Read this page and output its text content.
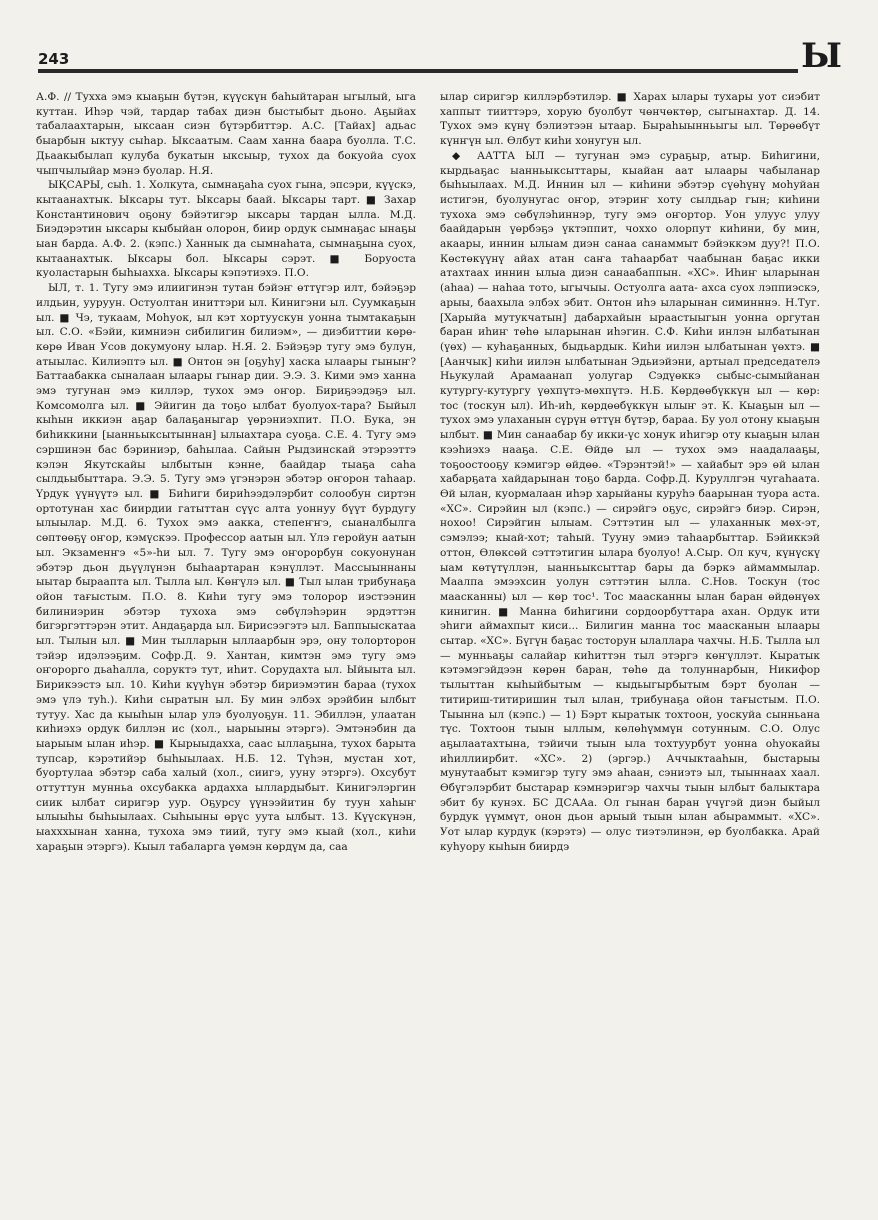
243	Ы

А.Ф. // Тухха эмэ кыаҕын бүтэн, күүскүн баһыйтаран ыгылый, ыга куттан. Иһэр чэй, тардар табах диэн быстыбыт дьоно. Аҕыйах табалаахтарын, ыксаан сиэн бүтэрбиттэр. А.С. [Тайах] адьас быарбын ыктуу сыһар. Ыксаатым. Саам ханна баара буолла. Т.С. Дьаакыбылап кулуба букатын ыксыыр, тухох да бокуойа суох чыпчылыйар мэнэ буолар. Н.Я.

ЫҚСАРЫ, сыһ. 1. Холкута, сымнаҕаһа суох гына, эпсэри, күүскэ, кытаанахтык. Ыксары тут. Ыксары баай. Ыксары тарт. ■ Захар Константинович оҕону бэйэтигэр ыксары тардан ылла. М.Д. Биэдэрэтин ыксары кыбыйан олорон, биир ордук сымнаҕас ынаҕы ыан барда. А.Ф. 2. (кэпс.) Ханнык да сымнаһата, сымнаҕына суох, кытаанахтык. Ыксары бол. Ыксары сэрэт. ■ Боруоста куоластарын быһыахха. Ыксары кэпэтиэхэ. П.О.

ЫЛ, т. 1. Тугу эмэ илиигинэн тутан бэйэҥ өттүгэр илт, бэйэҕэр илдьин, ууруун. Остуолтан иниттэри ыл. Кинигэни ыл. Суумкаҕын ыл. ■ Чэ, тукаам, Моһуок, ыл кэт хортуускун уонна тымтакаҕын ыл. С.О. «Бэйи, кимниэн сибилигин билиэм», — диэбиттии көрө-көрө Иван Усов докумуону ылар. Н.Я. 2. Бэйэҕэр тугу эмэ булун, атыылас. Килиэптэ ыл. ■ Онтон эн [оҕуһу] хаска ылаары гыныҥ? Баттаабакка сыналаан ылаары гынар дии. Э.Э. 3. Кими эмэ ханна эмэ тугунан эмэ киллэр, тухох эмэ оҥор. Бириҕээдэҕэ ыл. Комсомолга ыл. ■ Эйигин да тоҕо ылбат буолуох-тара? Быйыл кыһын иккиэн аҕар балаҕаныгар үөрэниэхпит. П.О. Бука, эн биһиккини [ыанньыксытыннан] ылыахтара суоҕа. С.Е. 4. Тугу эмэ сэршинэн бас бэриниэр, баһылаа. Сайын Рыдзинскай этэрээттэ кэлэн Якутскайы ылбытын кэнне, баайдар тыаҕа саһа сылдьыбыттара. Э.Э. 5. Тугу эмэ үгэнэрэн эбэтэр оҥорон таһаар. Үрдук үүнүүтэ ыл. ■ Биһиги бириһээдэлэрбит солообун сиртэн ортотунан хас биирдии гатыттан сүүс алта уоннуу бүүт бурдугу ылыылар. М.Д. 6. Тухох эмэ аакка, степеҥҥэ, сыаналбылга сөптөөҕү оҥор, кэмүскээ. Профессор аатын ыл. Үлэ геройун аатын ыл. Экзаменҥэ «5»-һи ыл. 7. Тугу эмэ оҥорорбун сокуонунан эбэтэр дьон дьүүлүнэн быһаартаран кэнүллэт. Массыыннаны ыытар быраапта ыл. Тылла ыл. Көҥүлэ ыл. ■ Тыл ылан трибунаҕа ойон тағыстым. П.О. 8. Киһи тугу эмэ толорор иэстээнин билиниэрин эбэтэр тухоха эмэ сөбүлэһэрин эрдэттэн бигэргэттэрэн этит. Андаҕарда ыл. Бирисээгэтэ ыл. Баппыыскатаа ыл. Тылын ыл. ■ Мин тылларын ыллаарбын эрэ, ону толорторон тэйэр идэлээҕим. Софр.Д. 9. Хантан, кимтэн эмэ тугу эмэ оҥорорго дьаһалла, соруктэ тут, иһит. Сорудахта ыл. Ыйыыта ыл. Бирикээстэ ыл. 10. Киһи күүһүн эбэтэр бириэмэтин бараа (тухох эмэ үлэ туһ.). Киһи сыратын ыл. Бу мин элбэх эрэйбин ылбыт тутуу. Хас да кыыһын ылар улэ буолуоҕун. 11. Эбиллэн, улаатан киһиэхэ ордук биллэн ис (хол., ыарыыны этэргэ). Эмтэнэбин да ыарыым ылан иһэр. ■ Кырыыдахха, саас ыллаҕына, тухох барыта тупсар, кэрэтийэр быһыылаах. Н.Б. 12. Түһэн, мустан хот, буортулаа эбэтэр саба халый (хол., сиигэ, ууну этэргэ). Охсубут оттуттун мунньа охсубакка ардахха ыллардыбыт. Кинигэлэргин сиик ылбат сиригэр уур. Оҕурсу үүнээйитин бу туун хаһыҥ ылыыһы быһыылаах. Сыһыыны өрүс уута ылбыт. 13. Күүскүнэн, ыахххынан ханна, тухоха эмэ тиий, тугу эмэ кыай (хол., киһи хараҕын этэргэ). Кыыл табаларга үөмэн көрдүм да, саа

ылар сиригэр киллэрбэтилэр. ■ Харах ылары тухары уот сиэбит хаппыт тииттэрэ, хорую буолбут чөнчөктөр, сыгынахтар. Д. 14. Тухох эмэ күнү бэлиэтээн ытаар. Быраһыынньыгы ыл. Төрөөбүт күнҥүн ыл. Өлбут киһи хонугун ыл.

◆ ААТТА ЫЛ — тугунан эмэ сураҕыр, атыр. Биһигини, кырдьаҕас ыанньыксыттары, кыайан аат ылаары чабыланар быһыылаах. М.Д. Иннин ыл — киһини эбэтэр сүөһүнү моһуйан истигэн, буолунугас оҥор, этэриҥ хоту сылдьар гын; киһини тухоха эмэ сөбүлэһиннэр, тугу эмэ оҥортор. Уон улуус улуу баайдарын үөрбэҕэ үктэппит, чоххо олорпут киһини, бу мин, акаары, иннин ылыам диэн санаа санаммыт бэйэккэм дуу?! П.О. Көстөкүүнү айах атан саҥа таһаарбат чаабынан баҕас икки атахтаах иннин ылыа диэн санаабаппын. «ХС». Иһиҥ ыларынан (аһаа) — наһаа тото, ыгычыы. Остуолга аата- ахса суох лэппиэскэ, арыы, баахыла элбэх эбит. Онтон иһэ ыларынан симинннэ. Н.Туг. [Харыйа мутукчатын] дабархайын ыраастыыгын уонна оргутан баран иһиҥ төһө ыларынан иһэгин. С.Ф. Киһи инлэн ылбатынан (үөх) — куһаҕанных, быдьардык. Киһи иилэн ылбатынан үөхтэ. ■ [Аанчык] киһи иилэн ылбатынан Эдьиэйэни, артыал председателэ Ньукулай Арамаанап уолугар Сэдүөккэ сыбыс-сымыйанан кутургу-кутургу үөхпүтэ-мөхпүтэ. Н.Б. Көрдөөбүккүн ыл — көр: тос (тоскун ыл). Иһ-иһ, көрдөөбүккүн ылыҥ эт. К. Кыаҕын ыл — тухох эмэ улаханын сүрүн өттүн бүтэр, бараа. Бу уол отону кыаҕын ылбыт. ■ Мин санаабар бу икки-үс хонук иһигэр оту кыаҕын ылан кээһиэхэ нааҕа. С.Е. Өйдө ыл — тухох эмэ наадалааҕы, тоҕоостооҕу кэмигэр өйдөө. «Тэрэнтэй!» — хайабыт эрэ өй ылан хабарҕата хайдарынан тоҕо барда. Софр.Д. Куруллгэн чугаһаата. Өй ылан, куормалаан иһэр харыйаны куруһэ баарынан туора аста. «ХС». Сирэйин ыл (кэпс.) — сирэйгэ оҕус, сирэйгэ биэр. Сирэн, нохоо! Сирэйгин ылыам. Сэттэтин ыл — улаханнык мөх-эт, сэмэлээ; кыай-хот; таһый. Тууну эмиэ таһаарбыттар. Бэйиккэй оттон, Өлөксөй сэттэтигин ылара буолуо! А.Сыр. Ол куч, күнүскү ыам көтүтүллэн, ыанньыксыттар бары да бэркэ аймаммылар. Маалпа эмээхсин уолун сэттэтин ылла. С.Нов. Тоскун (тос маасканны) ыл — көр тос¹. Тос маасканны ылан баран өйдөнүөх кинигин. ■ Манна биһигини сордоорбуттара ахан. Ордук ити эһиги аймахпыт киси... Билигин манна тос маасканын ылаары сытар. «ХС». Бүгүн баҕас тосторун ылаллара чахчы. Н.Б. Тылла ыл — мунньаҕы салайар киһиттэн тыл этэргэ көҥүллэт. Кыратык кэтэмэгэйдээн көрөн баран, төһө да толуннарбын, Никифор тылыттан кыһыйбытым — кыдьыгырбытым бэрт буолан — титириш-титиришин тыл ылан, трибунаҕа ойон тағыстым. П.О. Тыынна ыл (кэпс.) — 1) Бэрт кыратык тохтоон, уоскуйа сынньана түс. Тохтоон тыын ыллым, көлөһүммүн сотунным. С.О. Олус аҕылаатахтына, тэйичи тыын ыла тохтуурбут уонна оһуокайы иһиллиирбит. «ХС». 2) (эргэр.) Аччыктааһын, быстарыы мунутаабыт кэмигэр тугу эмэ аһаан, сэниэтэ ыл, тыыннаах хаал. Өбүгэлэрбит быстарар кэмнэригэр чахчы тыын ылбыт балыктара эбит бу кунэх. БС ДСААа. Ол гынан баран үчүгэй диэн быйыл бурдук үүммүт, онон дьон арыый тыын ылан абыраммыт. «ХС». Уот ылар курдук (кэрэтэ) — олус тиэтэлинэн, өр буолбакка. Арай куһуору кыһын биирдэ
